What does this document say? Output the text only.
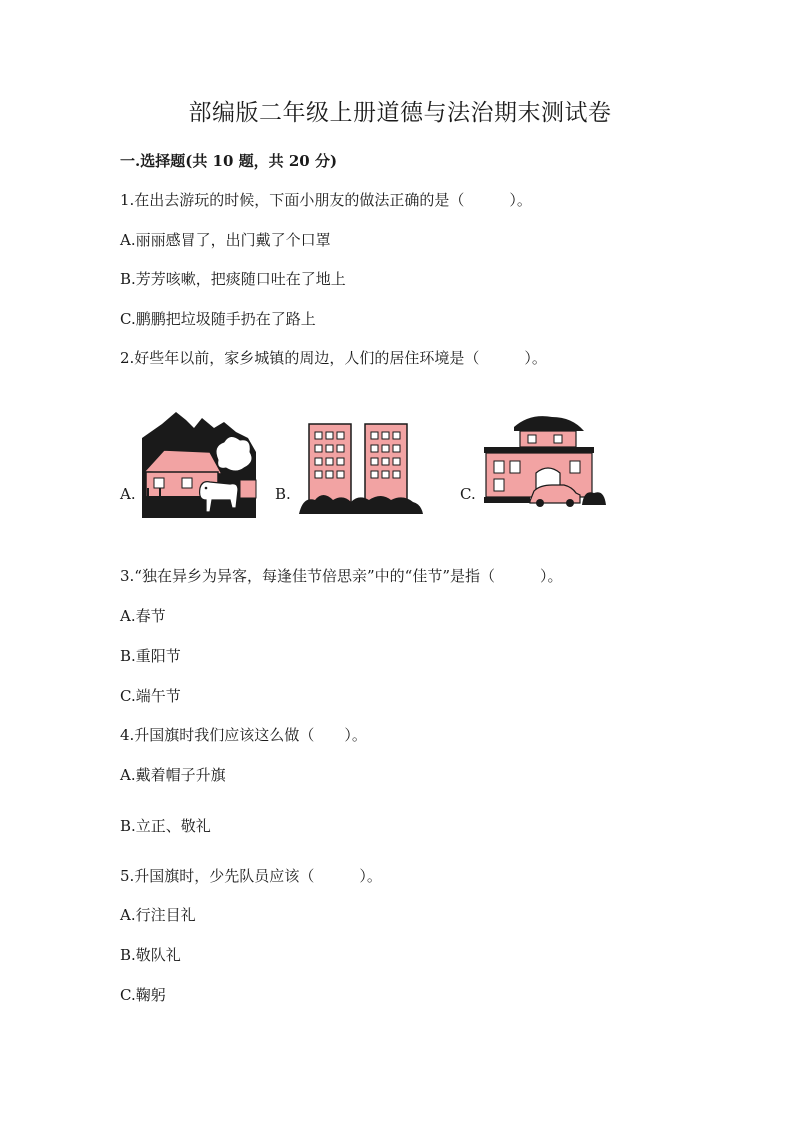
部编版二年级上册道德与法治期末测试卷
一.选择题(共 10 题，共 20 分)
1.在出去游玩的时候，下面小朋友的做法正确的是（　　　）。
A.丽丽感冒了，出门戴了个口罩
B.芳芳咳嗽，把痰随口吐在了地上
C.鹏鹏把垃圾随手扔在了路上
2.好些年以前，家乡城镇的周边，人们的居住环境是（　　　）。
A.	B.	C.
3.“独在异乡为异客，每逢佳节倍思亲”中的“佳节”是指（　　　）。
A.春节
B.重阳节
C.端午节
4.升国旗时我们应该这么做（　　）。
A.戴着帽子升旗
B.立正、敬礼
5.升国旗时，少先队员应该（　　　）。
A.行注目礼
B.敬队礼
C.鞠躬
